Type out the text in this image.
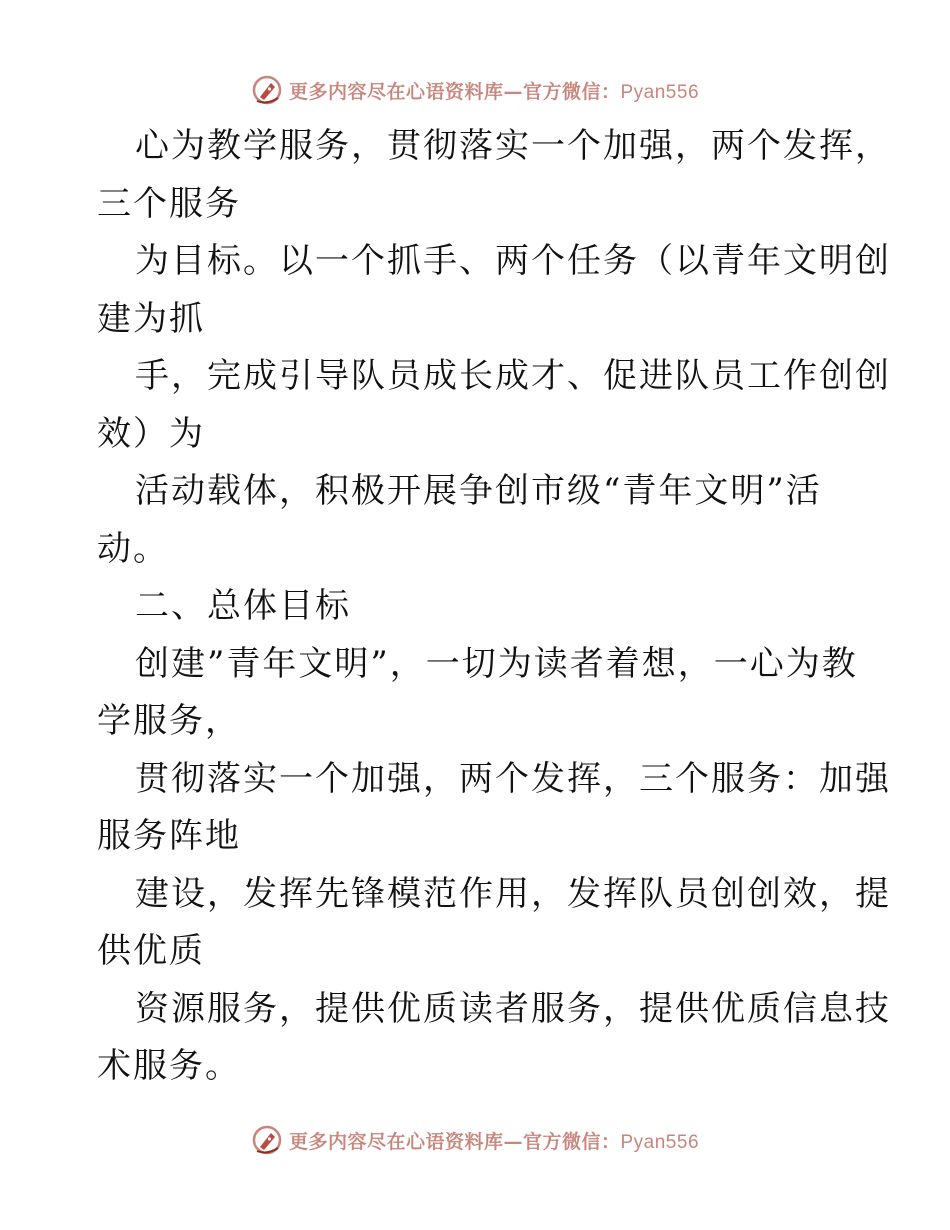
更多内容尽在心语资料库—官方微信：Pyan556
心为教学服务，贯彻落实一个加强，两个发挥，
三个服务
为目标。以一个抓手、两个任务（以青年文明创
建为抓
手，完成引导队员成长成才、促进队员工作创创
效）为
活动载体，积极开展争创市级“青年文明”活
动。
二、总体目标
创建”青年文明”，一切为读者着想，一心为教
学服务，
贯彻落实一个加强，两个发挥，三个服务：加强
服务阵地
建设，发挥先锋模范作用，发挥队员创创效，提
供优质
资源服务，提供优质读者服务，提供优质信息技
术服务。
更多内容尽在心语资料库—官方微信：Pyan556
